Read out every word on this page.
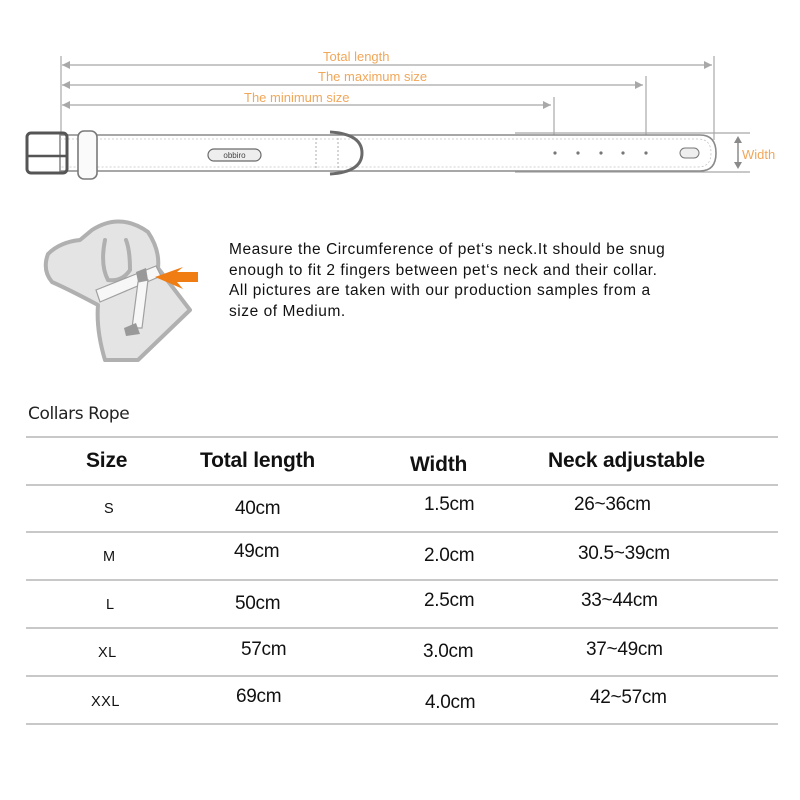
obbiro
Total length
The maximum size
The minimum size
Width

Measure the Circumference of pet‘s neck.It should be snug

enough to fit 2 fingers between pet‘s neck and their collar.

All pictures are taken with our production samples from a

size of Medium.

Collars Rope
Size	Total length	Width	Neck adjustable
S	40cm	1.5cm	26~36cm
M	49cm	2.0cm	30.5~39cm
L	50cm	2.5cm	33~44cm
XL	57cm	3.0cm	37~49cm
XXL	69cm	4.0cm	42~57cm
